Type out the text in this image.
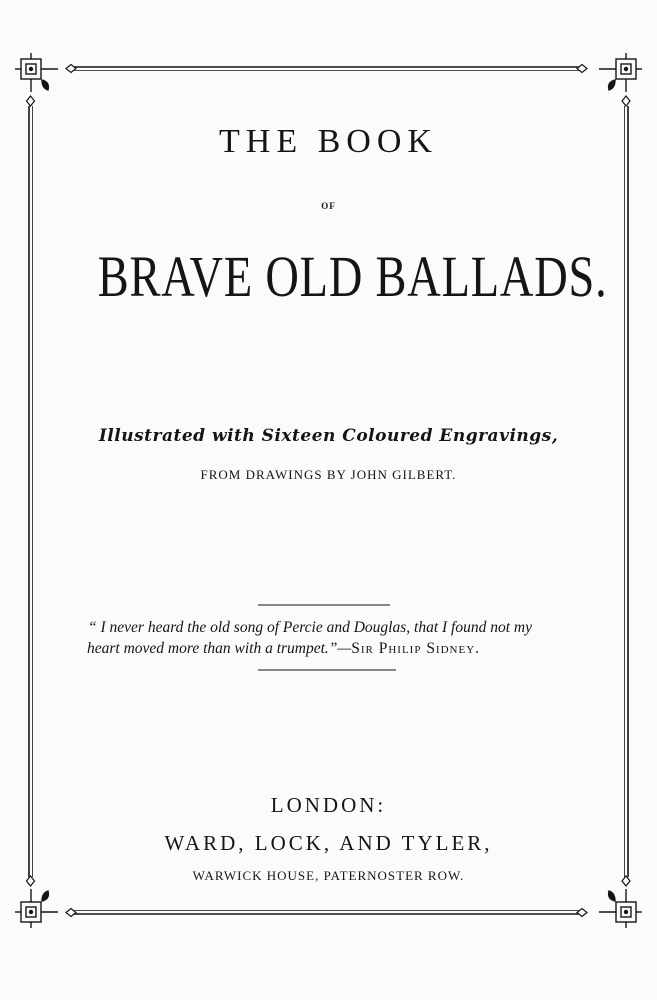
THE BOOK
OF
BRAVE OLD BALLADS.
Illustrated with Sixteen Coloured Engravings,
FROM DRAWINGS BY JOHN GILBERT.
“ I never heard the old song of Percie and Douglas, that I found not my
heart moved more than with a trumpet.”—Sir Philip Sidney.
LONDON:
WARD, LOCK, AND TYLER,
WARWICK HOUSE, PATERNOSTER ROW.
